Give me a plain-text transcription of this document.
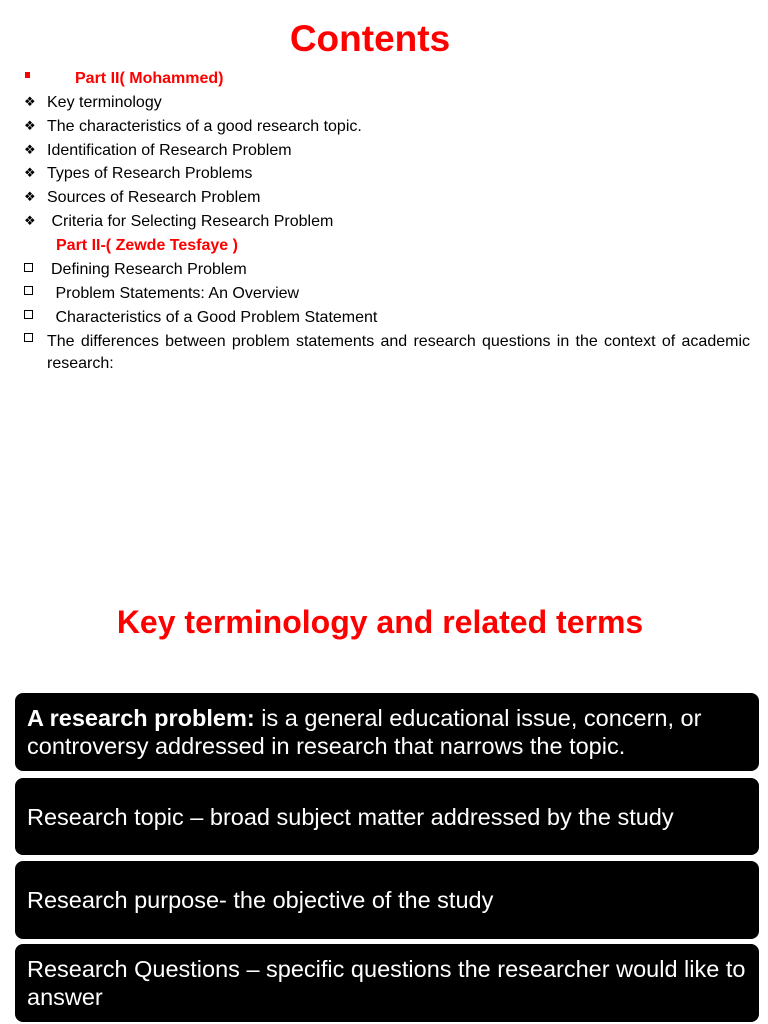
Contents
Part II( Mohammed)
❖ Key terminology
❖ The characteristics of a good research topic.
❖ Identification of Research Problem
❖ Types of Research Problems
❖ Sources of Research Problem
❖ Criteria for Selecting Research Problem
Part II-( Zewde Tesfaye )
Defining Research Problem
Problem Statements: An Overview
Characteristics of a Good Problem Statement
The differences between problem statements and research questions in the context of academic research:
Key terminology and related terms
A research problem: is a general educational issue, concern, or controversy addressed in research that narrows the topic.
Research topic – broad subject matter addressed by the study
Research purpose- the objective of the study
Research Questions – specific questions the researcher would like to answer
